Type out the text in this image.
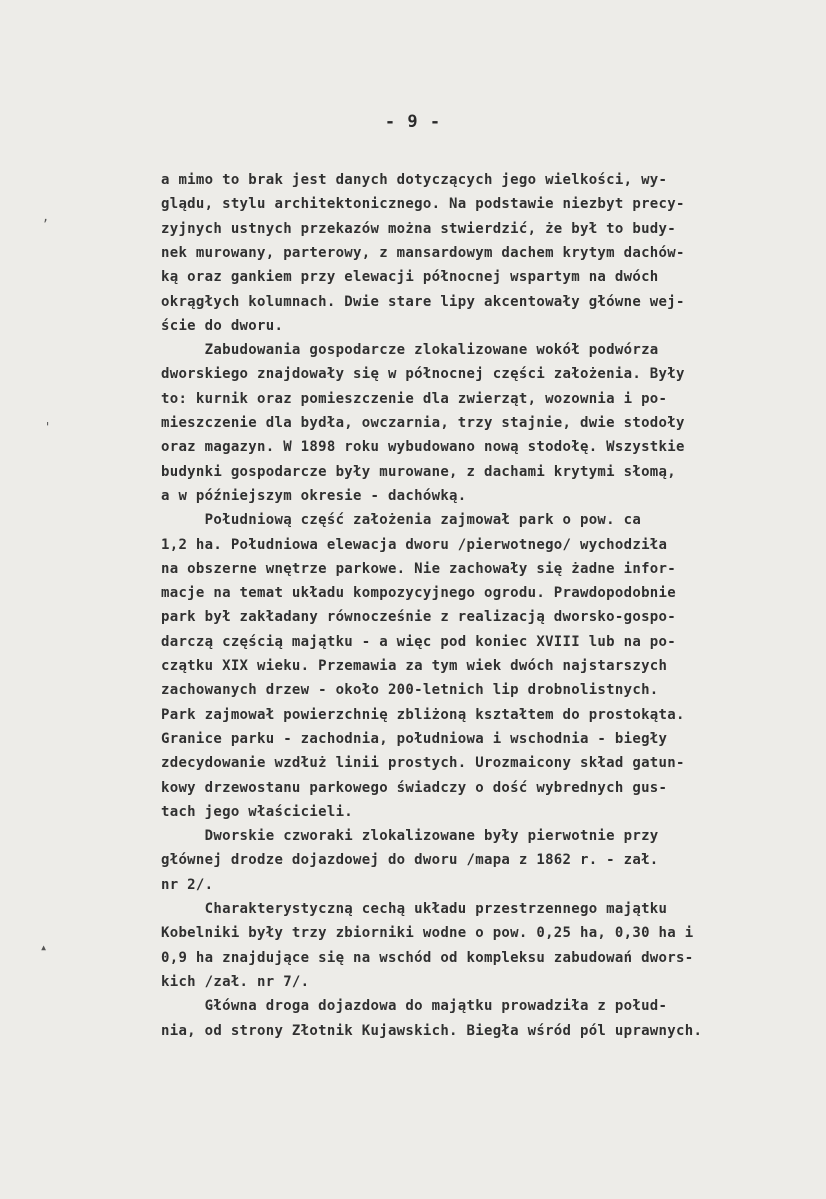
- 9 -
,
'
▴
a mimo to brak jest danych dotyczących jego wielkości, wy-
glądu, stylu architektonicznego. Na podstawie niezbyt precy-
zyjnych ustnych przekazów można stwierdzić, że był to budy-
nek murowany, parterowy, z mansardowym dachem krytym dachów-
ką oraz gankiem przy elewacji północnej wspartym na dwóch
okrągłych kolumnach. Dwie stare lipy akcentowały główne wej-
ście do dworu.
Zabudowania gospodarcze zlokalizowane wokół podwórza
dworskiego znajdowały się w północnej części założenia. Były
to: kurnik oraz pomieszczenie dla zwierząt, wozownia i po-
mieszczenie dla bydła, owczarnia, trzy stajnie, dwie stodoły
oraz magazyn. W 1898 roku wybudowano nową stodołę. Wszystkie
budynki gospodarcze były murowane, z dachami krytymi słomą,
a w późniejszym okresie - dachówką.
Południową część założenia zajmował park o pow. ca
1,2 ha. Południowa elewacja dworu /pierwotnego/ wychodziła
na obszerne wnętrze parkowe. Nie zachowały się żadne infor-
macje na temat układu kompozycyjnego ogrodu. Prawdopodobnie
park był zakładany równocześnie z realizacją dworsko-gospo-
darczą częścią majątku - a więc pod koniec XVIII lub na po-
czątku XIX wieku. Przemawia za tym wiek dwóch najstarszych
zachowanych drzew - około 200-letnich lip drobnolistnych.
Park zajmował powierzchnię zbliżoną kształtem do prostokąta.
Granice parku - zachodnia, południowa i wschodnia - biegły
zdecydowanie wzdłuż linii prostych. Urozmaicony skład gatun-
kowy drzewostanu parkowego świadczy o dość wybrednych gus-
tach jego właścicieli.
Dworskie czworaki zlokalizowane były pierwotnie przy
głównej drodze dojazdowej do dworu /mapa z 1862 r. - zał.
nr 2/.
Charakterystyczną cechą układu przestrzennego majątku
Kobelniki były trzy zbiorniki wodne o pow. 0,25 ha, 0,30 ha i
0,9 ha znajdujące się na wschód od kompleksu zabudowań dwors-
kich /zał. nr 7/.
Główna droga dojazdowa do majątku prowadziła z połud-
nia, od strony Złotnik Kujawskich. Biegła wśród pól uprawnych.
